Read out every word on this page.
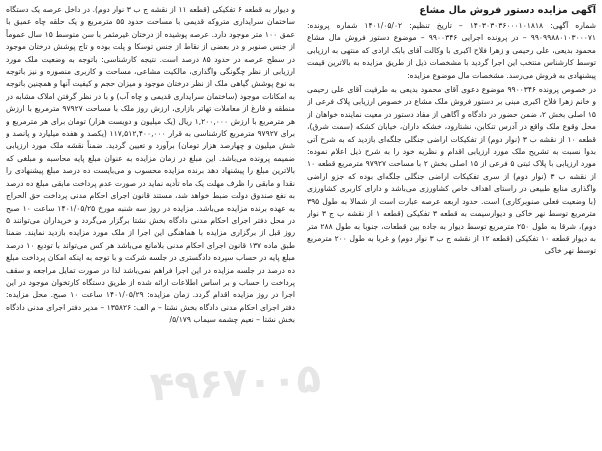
۴۹۶۷۰۰۵
آگهی مزایده دستور فروش مال مشاع

شماره آگهی: ۱۴۰۳۰۳۰۳۶۰۰۰۱۰۱۸۱۸ – تاریخ تنظیم: ۱۴۰۱/۰۵/۰۲ شماره پرونده: ۹۹۰۹۹۸۸۰۱۰۳۰۰۰۷۱ – در پرونده اجرایی ۹۹۰۰۳۴۶ – موضوع دستور فروش مال مشاع محمود بدیعی، علی رحیمی و زهرا فلاح اکبری با وکالت آقای بابک ارادی که منتهی به ارزیابی توسط کارشناس منتخب این اجرا گردید با مشخصات ذیل از طریق مزایده به بالاترین قیمت پیشنهادی به فروش می‌رسد. مشخصات مال موضوع مزایده:

در خصوص پرونده ۹۹۰۰۳۴۶ موضوع دعوی آقای محمود بدیعی به طرفیت آقای علی رحیمی و خانم زهرا فلاح اکبری مبنی بر دستور فروش ملک مشاع در خصوص ارزیابی پلاک فرعی از ۱۵ اصلی بخش ۲، ضمن حضور در دادگاه و آگاهی از مفاد دستور در معیت نماینده خواهان از محل وقوع ملک واقع در آدرس تنکابن، نشتارود، خشکه داران، خیابان کشکه (سمت شرق)، قطعه ۱۰ از نقشه ب ۳ (نوار دوم) از تفکیکات اراضی جنگلی جلگه‌ای بازدید که به شرح آتی بدوا نسبت به تشریح ملک مورد ارزیابی اقدام و نظریه خود را به شرح ذیل اعلام نموده: مورد ارزیابی با پلاک ثبتی ۵ فرعی از ۱۵ اصلی بخش ۲ با مساحت ۹۷۹۲۷ مترمربع قطعه ۱۰ از نقشه ب ۳ (نوار دوم) از سری تفکیکات اراضی جنگلی جلگه‌ای بوده که جزو اراضی واگذاری منابع طبیعی در راستای اهداف خاص کشاورزی می‌باشد و دارای کاربری کشاورزی (با وضعیت فعلی صنوبرکاری) است. حدود اربعه عرصه عبارت است از شمالا به طول ۳۹۵ مترمربع توسط نهر خاکی و دیوارسیمت به قطعه ۳ تفکیکی (قطعه ۱ از نقشه ب ج ۳ نوار دوم)، شرقا به طول ۲۵۰ مترمربع توسط دیوار به جاده بین قطعات، جنوبا به طول ۲۸۸ متر به دیوار قطعه ۱۰ تفکیکی (قطعه ۱۲ از نقشه ج ب ۳ نوار دوم) و غربا به طول ۲۰۰ مترمربع توسط نهر خاکی

و دیوار به قطعه ۶ تفکیکی (قطعه ۱۱ از نقشه ج ب ۳ نوار دوم). در داخل عرصه یک دستگاه ساختمان سرایداری متروکه قدیمی با مساحت حدود ۵۵ مترمربع و یک حلقه چاه عمیق با عمق ۱۰۰ متر موجود دارد. عرصه پوشیده از درختان غیرمثمر با سن متوسط ۱۵ سال عموماً از جنس صنوبر و در بعضی از نقاط از جنس توسکا و پلت بوده و تاج پوشش درختان موجود در سطح عرصه در حدود ۸۵ درصد است. نتیجه کارشناسی: باتوجه به وضعیت ملک مورد ارزیابی از نظر چگونگی واگذاری، مالکیت مشاعی، مساحت و کاربری منصوره و نیز باتوجه به نوع پوشش گیاهی ملک از نظر درختان موجود و میزان حجم و کیفیت آنها و همچنین باتوجه به امکانات موجود (ساختمان سرایداری قدیمی و چاه آب) و با در نظر گرفتن املاک مشابه در منطقه و فارغ از معاملات تهاتر بازاری، ارزش روز ملک با مساحت ۹۷۹۲۷ مترمربع با ارزش هر مترمربع با ارزش ۱,۲۰۰,۰۰۰ ریال (یک میلیون و دویست هزار) تومان برای هر مترمربع و برای ۹۷۹۲۷ مترمربع کارشناسی به قرار ۱۱۷,۵۱۲,۴۰۰,۰۰۰ (یکصد و هفده میلیارد و پانصد و شش میلیون و چهارصد هزار تومان) برآورد و تعیین گردید. ضمناً نقشه ملک مورد ارزیابی ضمیمه پرونده می‌باشد. این مبلغ در زمان مزایده به عنوان مبلغ پایه محاسبه و مبلغی که بالاترین مبلغ را پیشنهاد دهد برنده مزایده محسوب و می‌بایست ده درصد مبلغ پیشنهادی را نقدا و مابقی را ظرف مهلت یک ماه تأدیه نماید در صورت عدم پرداخت مابقی مبلغ ده درصد به نفع صندوق دولت ضبط خواهد شد، مستند قانون اجرای احکام مدنی پرداخت حق الحراج به عهده برنده مزایده می‌باشد. مزایده در روز سه شنبه مورخ ۱۴۰۱/۰۵/۲۵ ساعت ۱۰ صبح در محل دفتر اجرای احکام مدنی دادگاه بخش نشتا برگزار می‌گردد و خریداران می‌توانند ۵ روز قبل از برگزاری مزایده با هماهنگی این اجرا از ملک مورد مزایده بازدید نمایند. ضمنا طبق ماده ۱۳۷ قانون اجرای احکام مدنی بلامانع می‌باشد هر کس می‌تواند با تودیع ۱۰ درصد مبلغ پایه در حساب سپرده دادگستری در جلسه شرکت و با توجه به اینکه امکان پرداخت مبلغ ده درصد در جلسه مزایده در این اجرا فراهم نمی‌باشد لذا در صورت تمایل مراجعه و سقف پرداخت را حساب و بر اساس اطلاعات ارائه شده از طریق دستگاه کارتخوان موجود در این اجرا در روز مزایده اقدام گردد. زمان مزایده: ۱۴۰۱/۰۵/۲۹ ساعت ۱۰ صبح. محل مزایده: دفتر اجرای احکام مدنی دادگاه بخش نشتا – م الف: ۱۳۵۸۲۶ – مدیر دفتر اجرای مدنی دادگاه بخش نشتا – نعیم چشمه سیماب ۵/۱۷۹/
